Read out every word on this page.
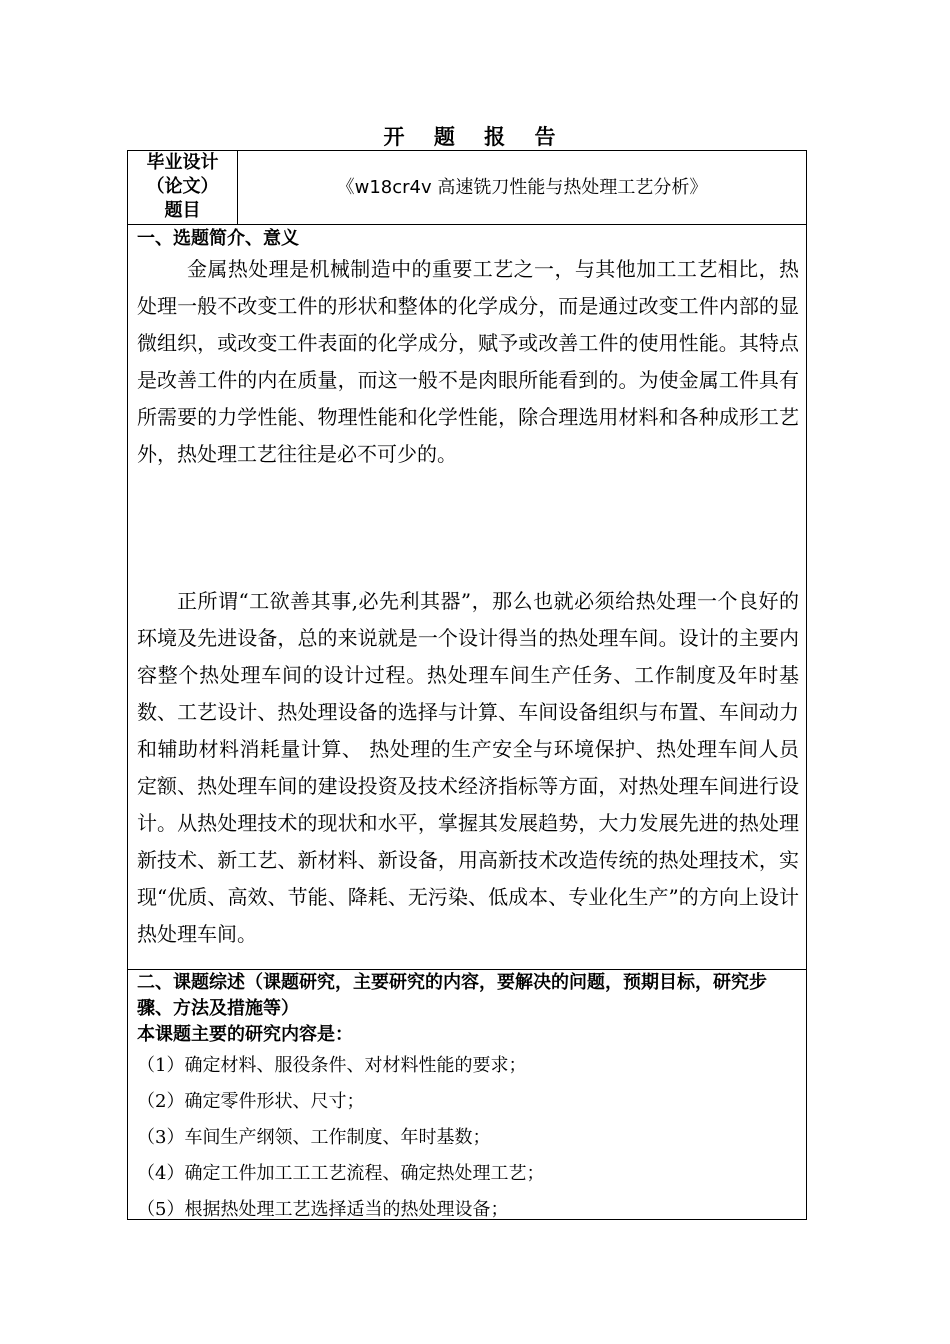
开 题 报 告
毕业设计
（论文）
题目
《w18cr4v 高速铣刀性能与热处理工艺分析》
一、选题简介、意义

金属热处理是机械制造中的重要工艺之一，与其他加工工艺相比，热处理一般不改变工件的形状和整体的化学成分，而是通过改变工件内部的显微组织，或改变工件表面的化学成分，赋予或改善工件的使用性能。其特点是改善工件的内在质量，而这一般不是肉眼所能看到的。为使金属工件具有所需要的力学性能、物理性能和化学性能，除合理选用材料和各种成形工艺外，热处理工艺往往是必不可少的。

正所谓“工欲善其事,必先利其器”，那么也就必须给热处理一个良好的环境及先进设备，总的来说就是一个设计得当的热处理车间。设计的主要内容整个热处理车间的设计过程。热处理车间生产任务、工作制度及年时基数、工艺设计、热处理设备的选择与计算、车间设备组织与布置、车间动力和辅助材料消耗量计算、 热处理的生产安全与环境保护、热处理车间人员定额、热处理车间的建设投资及技术经济指标等方面，对热处理车间进行设计。从热处理技术的现状和水平，掌握其发展趋势，大力发展先进的热处理新技术、新工艺、新材料、新设备，用高新技术改造传统的热处理技术，实现“优质、高效、节能、降耗、无污染、低成本、专业化生产”的方向上设计热处理车间。

二、课题综述（课题研究，主要研究的内容，要解决的问题，预期目标，研究步骤、方法及措施等）
本课题主要的研究内容是：
（1）确定材料、服役条件、对材料性能的要求；
（2）确定零件形状、尺寸；
（3）车间生产纲领、工作制度、年时基数；
（4）确定工件加工工工艺流程、确定热处理工艺；
（5）根据热处理工艺选择适当的热处理设备；
